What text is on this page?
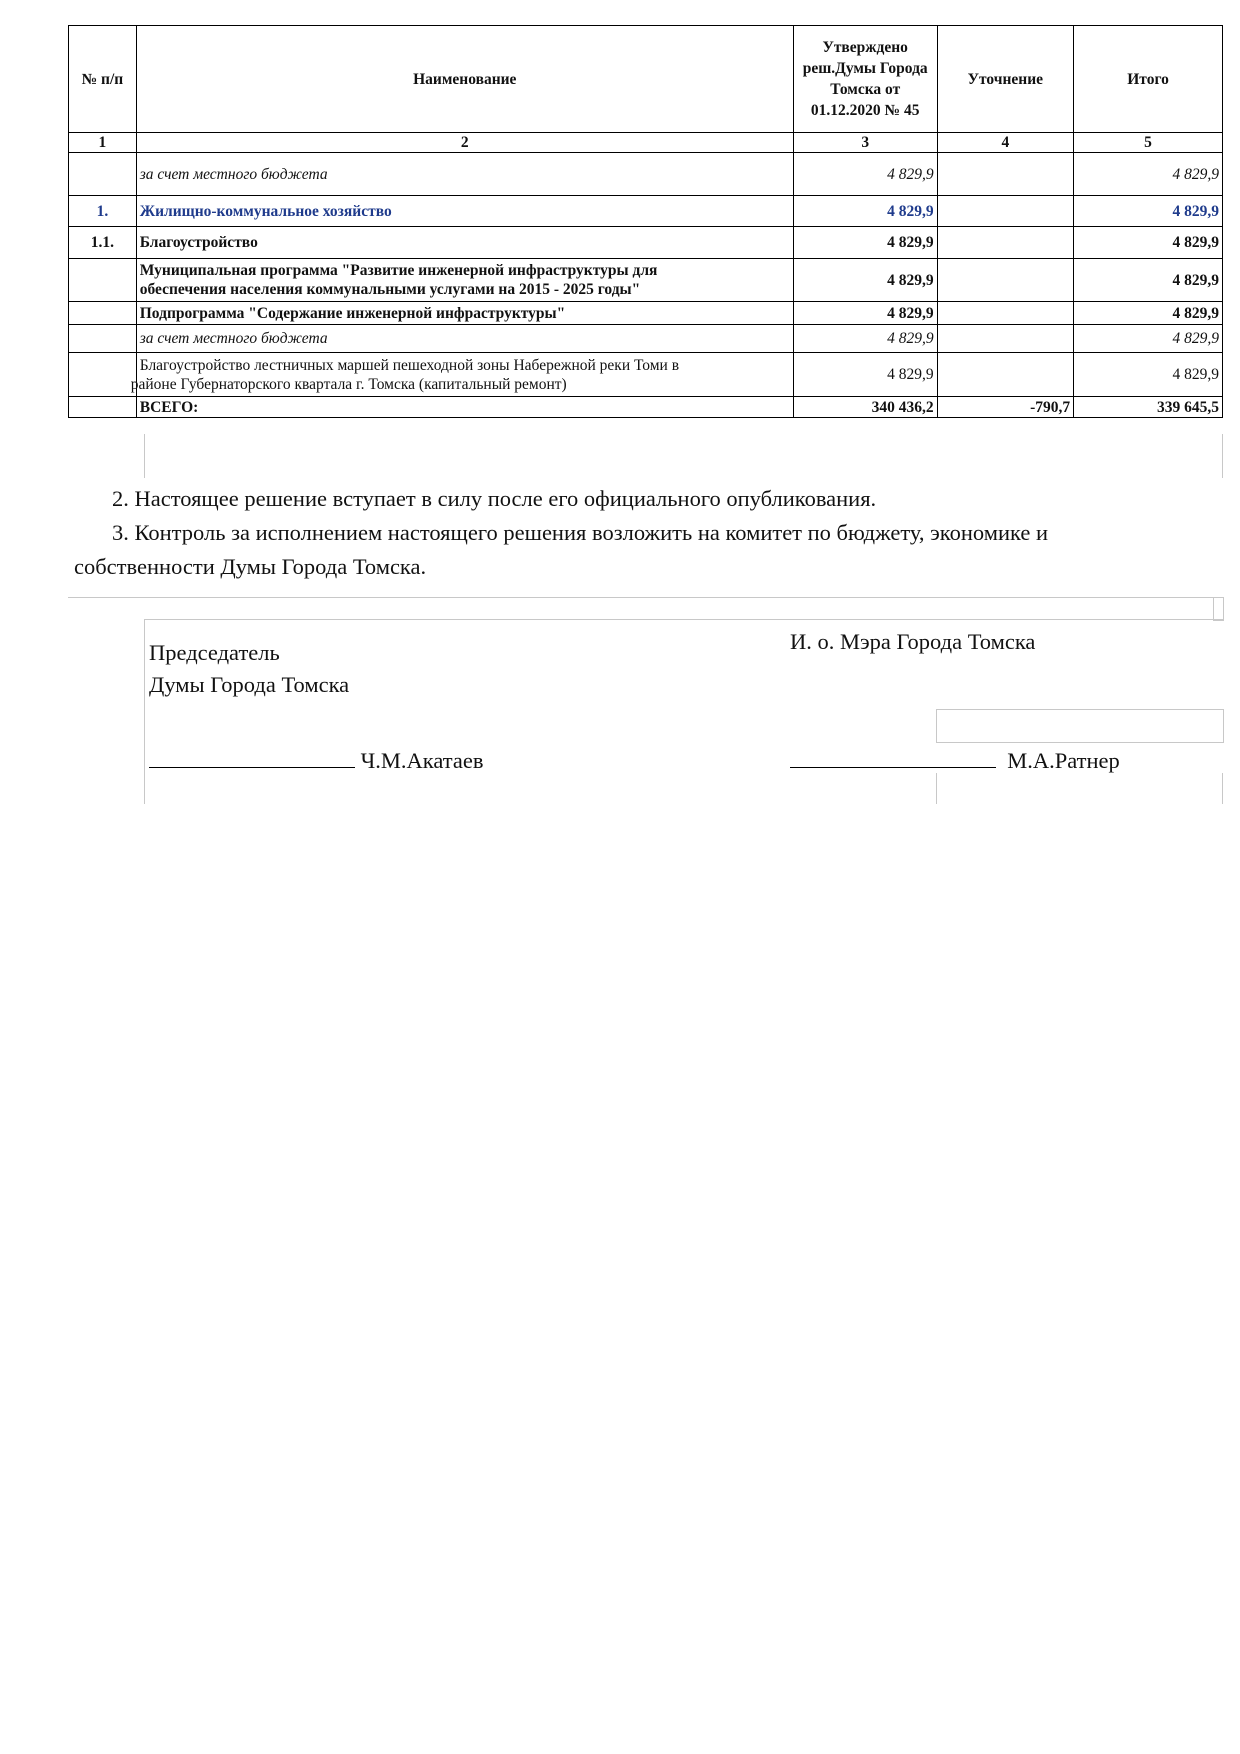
№ п/п	Наименование	Утверждено
реш.Думы Города
Томска от
01.12.2020 № 45	Уточнение	Итого
1	2	3	4	5
	за счет местного бюджета	4 829,9		4 829,9
1.	Жилищно-коммунальное хозяйство	4 829,9		4 829,9
1.1.	Благоустройство	4 829,9		4 829,9
	Муниципальная программа "Развитие инженерной инфраструктуры для
обеспечения населения коммунальными услугами на 2015 - 2025 годы"	4 829,9		4 829,9
	Подпрограмма "Содержание инженерной инфраструктуры"	4 829,9		4 829,9
	за счет местного бюджета	4 829,9		4 829,9
	Благоустройство лестничных маршей пешеходной зоны Набережной реки Томи в
районе Губернаторского квартала г. Томска (капитальный ремонт)	4 829,9		4 829,9
	ВСЕГО:	340 436,2	-790,7	339 645,5
2. Настоящее решение вступает в силу после его официального опубликования.
3. Контроль за исполнением настоящего решения возложить на комитет по бюджету, экономике и
собственности Думы Города Томска.
Председатель
Думы Города Томска
И. о. Мэра Города Томска
Ч.М.Акатаев	М.А.Ратнер
